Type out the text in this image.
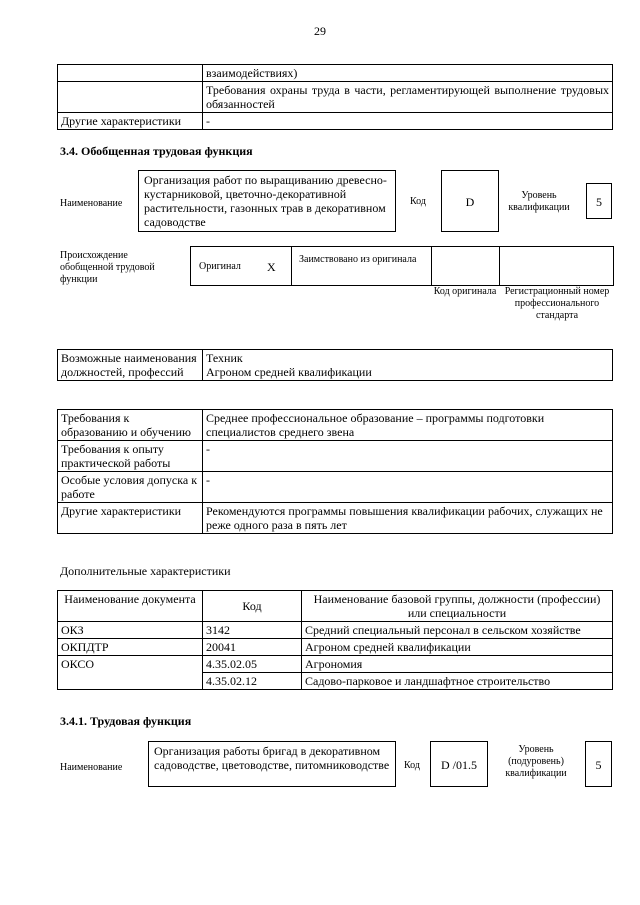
29
	взаимодействиях)
	Требования охраны труда в части, регламентирующей выполнение трудовых обязанностей
Другие характеристики	-
3.4. Обобщенная трудовая функция
Наименование
Организация работ по выращиванию древесно-кустарниковой, цветочно-декоративной растительности, газонных трав в декоративном садоводстве
Код	D	Уровень квалификации	5
Происхождение обобщенной трудовой функции
Оригинал X
Заимствовано из оригинала
Код оригинала Регистрационный номер профессионального стандарта
Возможные наименования должностей, профессий	
Техник
Агроном средней квалификации
Требования к образованию и обучению	Среднее профессиональное образование – программы подготовки специалистов среднего звена
Требования к опыту практической работы	-
Особые условия допуска к работе	-
Другие характеристики	Рекомендуются программы повышения квалификации рабочих, служащих не реже одного раза в пять лет
Дополнительные характеристики
Наименование документа	Код	Наименование базовой группы, должности (профессии) или специальности
ОКЗ	3142	Средний специальный персонал в сельском хозяйстве
ОКПДТР	20041	Агроном средней квалификации
ОКСО	4.35.02.05	Агрономия
	4.35.02.12	Садово-парковое и ландшафтное строительство
3.4.1. Трудовая функция
Наименование
Организация работы бригад в декоративном садоводстве, цветоводстве, питомниководстве	Код	D /01.5
Уровень (подуровень) квалификации
5
